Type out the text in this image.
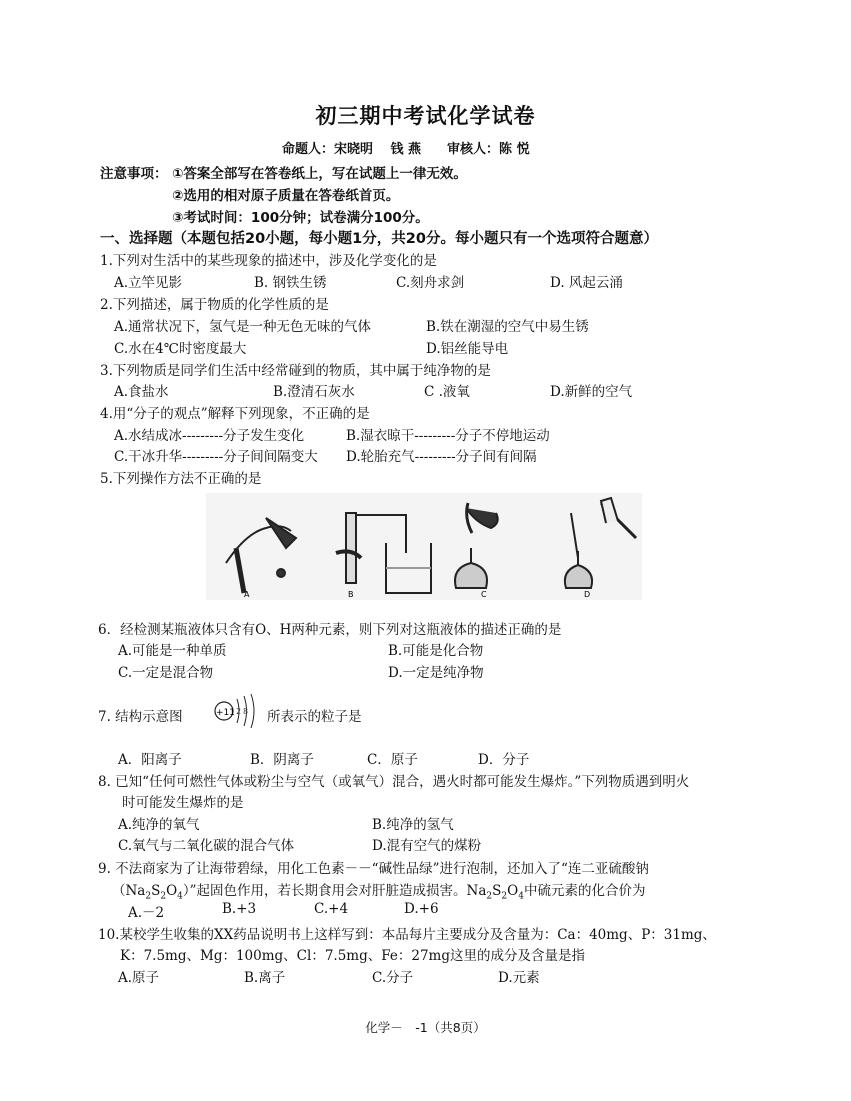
初三期中考试化学试卷
命题人：宋晓明　 钱 燕　　审核人：陈 悦
注意事项： ①答案全部写在答卷纸上，写在试题上一律无效。
②选用的相对原子质量在答卷纸首页。
③考试时间：100分钟；试卷满分100分。
一、选择题（本题包括20小题，每小题1分，共20分。每小题只有一个选项符合题意）
1.下列对生活中的某些现象的描述中，涉及化学变化的是
A.立竿见影	B. 钢铁生锈	C.刻舟求剑	D. 风起云涌
2.下列描述，属于物质的化学性质的是
A.通常状况下，氢气是一种无色无味的气体	B.铁在潮湿的空气中易生锈
C.水在4℃时密度最大	D.铝丝能导电
3.下列物质是同学们生活中经常碰到的物质，其中属于纯净物的是
A.食盐水	B.澄清石灰水	C .液氧	D.新鲜的空气
4.用“分子的观点”解释下列现象，不正确的是
A.水结成冰---------分子发生变化	B.湿衣晾干---------分子不停地运动
C.干冰升华---------分子间间隔变大 D.轮胎充气---------分子间有间隔
5.下列操作方法不正确的是
A	B	C	D
6．经检测某瓶液体只含有O、H两种元素，则下列对这瓶液体的描述正确的是
A.可能是一种单质	B.可能是化合物
C.一定是混合物	D.一定是纯净物
7. 结构示意图	+11 2 8 所表示的粒子是
A．阳离子	B．阴离子	C．原子	D．分子
8. 已知“任何可燃性气体或粉尘与空气（或氧气）混合，遇火时都可能发生爆炸。”下列物质遇到明火
时可能发生爆炸的是
A.纯净的氧气	B.纯净的氢气
C.氧气与二氧化碳的混合气体	D.混有空气的煤粉
9. 不法商家为了让海带碧绿，用化工色素－－“碱性品绿”进行泡制，还加入了“连二亚硫酸钠
$(Na_2S_2O_4)$”起固色作用，若长期食用会对肝脏造成损害。$Na_2S_2O_4$中硫元素的化合价为
A.－2	B.+3	C.+4	D.+6
10.某校学生收集的XX药品说明书上这样写到：本品每片主要成分及含量为：Ca：40mg、P：31mg、
K：7.5mg、Mg：100mg、Cl：7.5mg、Fe：27mg这里的成分及含量是指
A.原子	B.离子	C.分子	D.元素
化学－　-1（共8页）
